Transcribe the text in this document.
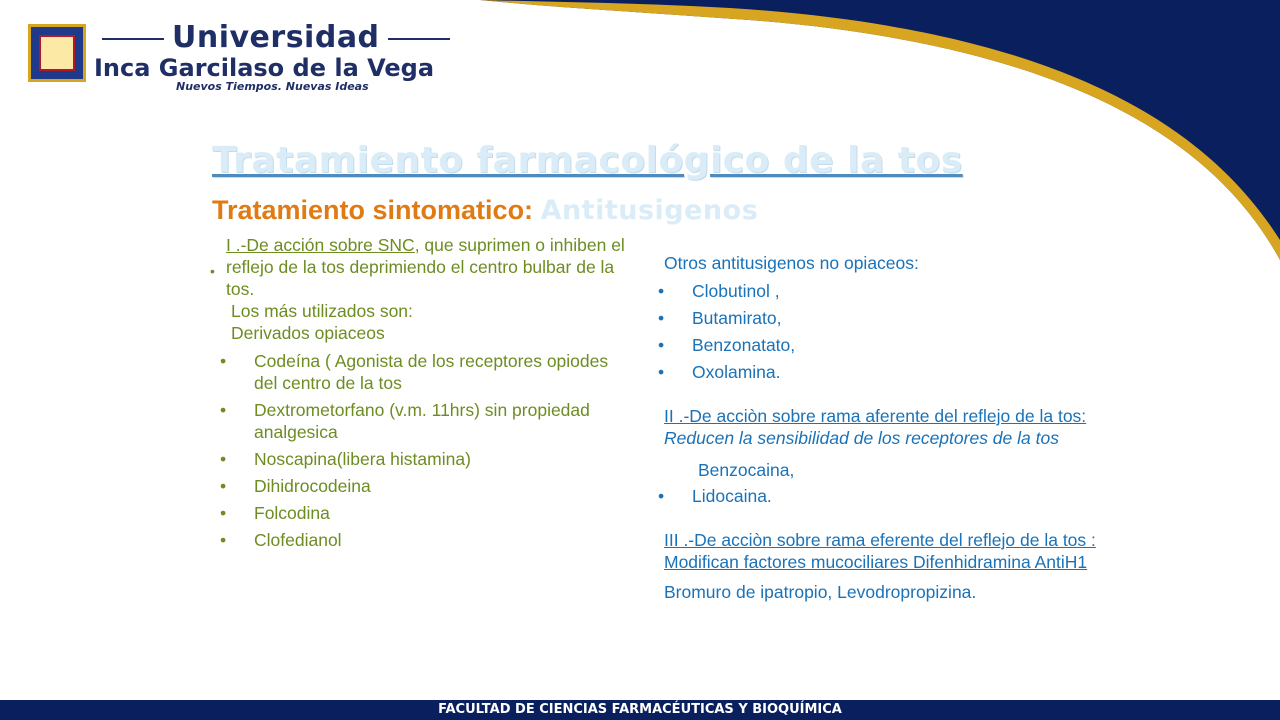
Universidad
Inca Garcilaso de la Vega
Nuevos Tiempos. Nuevas Ideas
Tratamiento farmacológico de la tos
Tratamiento sintomatico: Antitusigenos
•
I .-De acción sobre SNC, que suprimen o inhiben el reflejo de la tos deprimiendo el centro bulbar de la tos.
Los más utilizados son:
Derivados opiaceos
• Codeína ( Agonista de los receptores opiodes del centro de la tos
• Dextrometorfano (v.m. 11hrs) sin propiedad analgesica
• Noscapina(libera histamina)
• Dihidrocodeina
• Folcodina
• Clofedianol
Otros antitusigenos no opiaceos:
• Clobutinol ,
• Butamirato,
• Benzonatato,
• Oxolamina.
II .-De acciòn sobre rama aferente del reflejo de la tos: Reducen la sensibilidad de los receptores de la tos
Benzocaina,
• Lidocaina.
III .-De acciòn sobre rama eferente del reflejo de la tos : Modifican factores mucociliares Difenhidramina AntiH1
Bromuro de ipatropio, Levodropropizina.
FACULTAD DE CIENCIAS FARMACÉUTICAS Y BIOQUÍMICA
